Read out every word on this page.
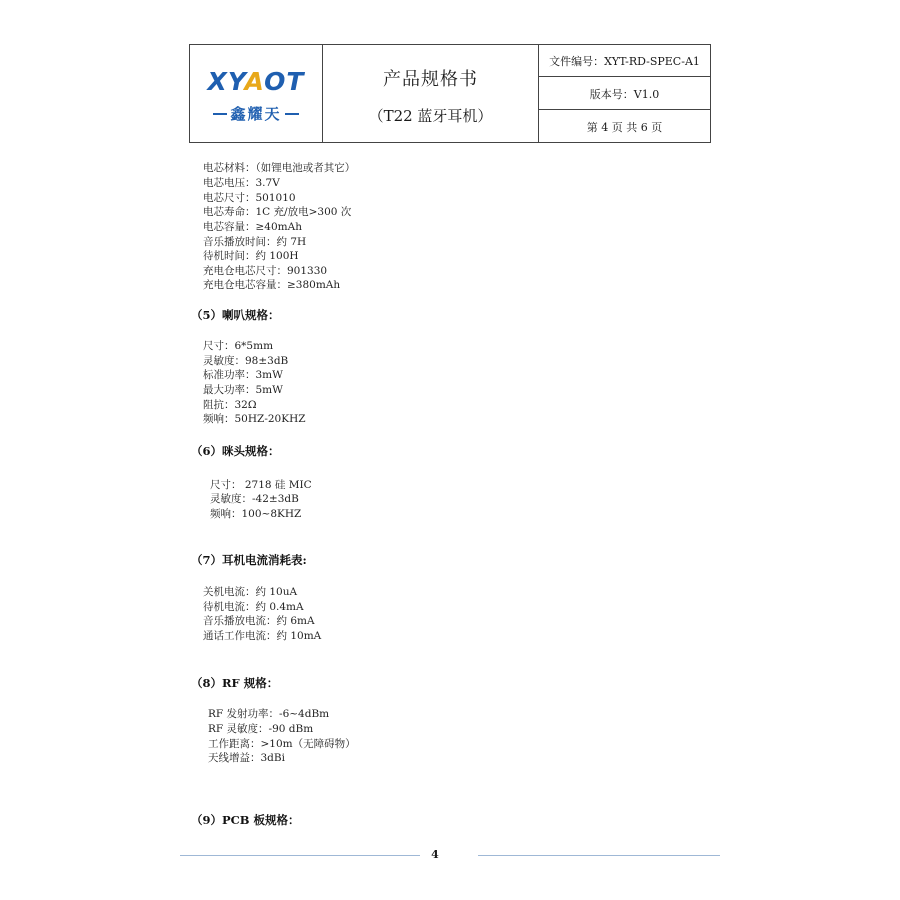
XYAOT
鑫耀天
产品规格书
（T22 蓝牙耳机）
文件编号：XYT-RD-SPEC-A1
版本号：V1.0
第 4 页 共 6 页
电芯材料：（如锂电池或者其它）
电芯电压：3.7V
电芯尺寸：501010
电芯寿命：1C 充/放电>300 次
电芯容量：≥40mAh
音乐播放时间：约 7H
待机时间：约 100H
充电仓电芯尺寸：901330
充电仓电芯容量：≥380mAh
（5）喇叭规格：
尺寸：6*5mm
灵敏度：98±3dB
标准功率：3mW
最大功率：5mW
阻抗：32Ω
频响：50HZ-20KHZ
（6）咪头规格：
尺寸： 2718 硅 MIC
灵敏度：-42±3dB
频响：100~8KHZ
（7）耳机电流消耗表:
关机电流：约 10uA
待机电流：约 0.4mA
音乐播放电流：约 6mA
通话工作电流：约 10mA
（8）RF 规格：
RF 发射功率：-6~4dBm
RF 灵敏度：-90 dBm
工作距离：>10m（无障碍物）
天线增益：3dBi
（9）PCB 板规格：
4
